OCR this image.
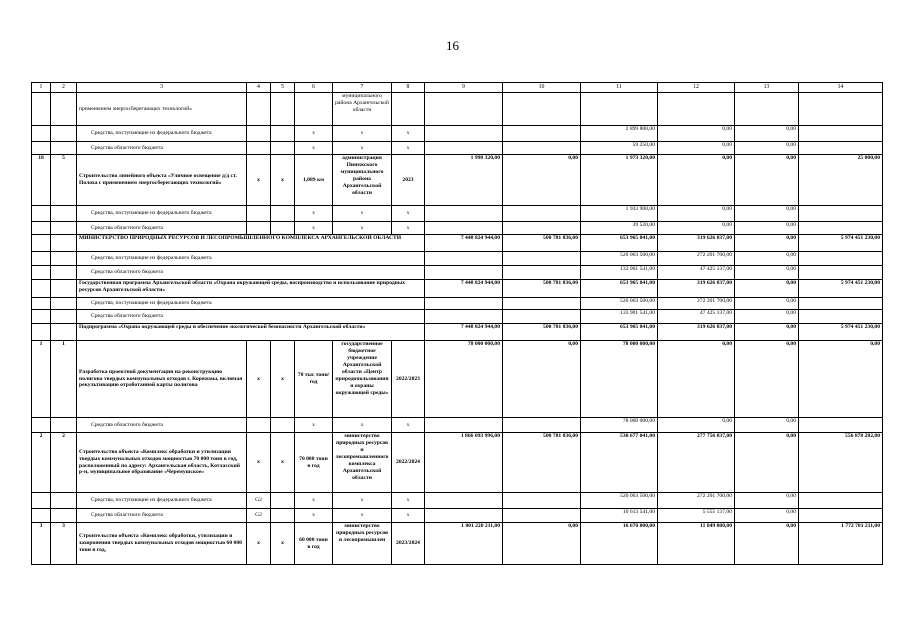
16
1	2	3	4	5	6	7	8	9	10	11	12	13	14
		применением энергосберегающих технологий»				муниципального района Архангельской области							
		Средства, поступающие из федерального бюджета			x	x	x			2 899 800,00	0,00	0,00	
		Средства областного бюджета			x	x	x			59 250,00	0,00	0,00	
18	5	Строительство линейного объекта «Уличное освещение д/д ст. Полоха с применением энергосберегающих технологий»	x	x	1,089 км	администрация Пинежского муниципального района Архангельской области	2023	1 998 320,00	0,00	1 973 320,00	0,00	0,00	25 000,00
		Средства, поступающие из федерального бюджета			x	x	x			1 933 900,00	0,00	0,00	
		Средства областного бюджета			x	x	x			39 520,00	0,00	0,00	
		МИНИСТЕРСТВО ПРИРОДНЫХ РЕСУРСОВ И ЛЕСОПРОМЫШЛЕННОГО КОМПЛЕКСА АРХАНГЕЛЬСКОЙ ОБЛАСТИ						7 448 824 944,00	500 781 836,00	653 965 041,00	319 626 837,00	0,00	5 974 451 230,00
		Средства, поступающие из федерального бюджета								520 063 500,00	272 201 700,00	0,00	
		Средства областного бюджета								133 901 541,00	47 425 137,00	0,00	
		Государственная программа Архангельской области «Охрана окружающей среды, воспроизводство и использование природных ресурсов Архангельской области»						7 448 824 944,00	500 781 836,00	653 965 041,00	319 626 837,00	0,00	5 974 451 230,00
		Средства, поступающие из федерального бюджета								520 063 500,00	272 201 700,00	0,00	
		Средства областного бюджета								133 901 541,00	47 425 137,00	0,00	
		Подпрограмма «Охрана окружающей среды и обеспечение экологической безопасности Архангельской области»						7 448 824 944,00	500 781 836,00	653 965 041,00	319 626 837,00	0,00	5 974 451 230,00
1	1	Разработка проектной документации на реконструкцию полигона твердых коммунальных отходов г. Коряжмы, включая рекультивацию отработанной карты полигона	x	x	70 тыс тонн/год	государственное бюджетное учреждение Архангельской области «Центр природопользования и охраны окружающей среды»	2022/2023	78 000 000,00	0,00	78 000 000,00	0,00	0,00	0,00
		Средства областного бюджета			x	x	x			78 000 000,00	0,00	0,00	
2	2	Строительство объекта «Комплекс обработки и утилизации твердых коммунальных отходов мощностью 70 000 тонн в год, расположенный по адресу: Архангельская область, Котласский р-н, муниципальное образование «Черемушское»	x	x	70 000 тонн в год	министерство природных ресурсов и лесопромышленного комплекса Архангельской области	2022/2024	1 866 093 996,00	500 781 836,00	530 677 041,00	277 756 837,00	0,00	556 878 282,00
		Средства, поступающие из федерального бюджета	G2		x	x	x			520 063 500,00	272 201 700,00	0,00	
		Средства областного бюджета	G2		x	x	x			10 613 541,00	5 555 137,00	0,00	
3	3	Строительство объекта «Комплекс обработки, утилизации и захоронения твердых коммунальных отходов мощностью 60 000 тонн в год,	x	x	60 000 тонн в год	министерство природных ресурсов и лесопромышлен	2023/2024	1 801 220 211,00	0,00	16 670 000,00	11 849 000,00	0,00	1 772 701 211,00
